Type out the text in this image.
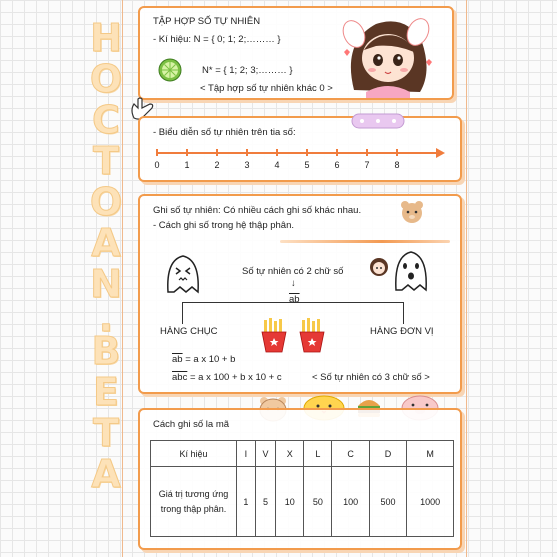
H
O
C
T
O
A
N
.
B
E
T
A
TẬP HỢP SỐ TỰ NHIÊN
- Kí hiệu: N = { 0; 1; 2;……… }
N* = { 1; 2; 3;……… }
< Tập hợp số tự nhiên khác 0 >
- Biểu diễn số tự nhiên trên tia số:
0	1	2	3	4	5	6	7	8
Ghi số tự nhiên: Có nhiều cách ghi số khác nhau.
- Cách ghi số trong hệ thập phân.
Số tự nhiên có 2 chữ số
↓
$\overline{ab}$
HÀNG CHỤC	HÀNG ĐƠN VỊ
$\overline{ab} = a$ x 10 + b
$\overline{abc} = a$ x 100 + b x 10 + c	< Số tự nhiên có 3 chữ số >
Cách ghi số la mã
Kí hiệu	I	V	X	L	C	D	M
Giá trị tương ứng trong thập phân.	1	5	10	50	100	500	1000
